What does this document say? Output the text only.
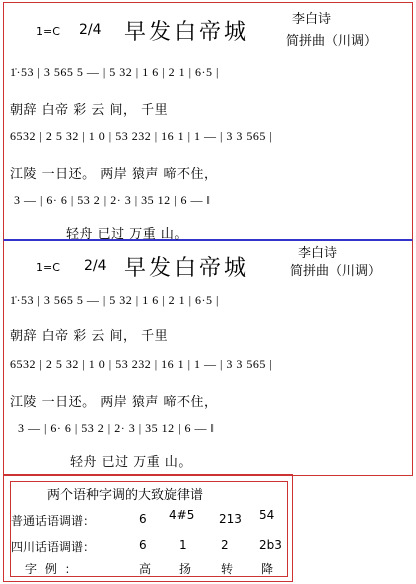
1=C 2/4 早发白帝城
李白诗
简拼曲（川调）
1̇·53 | 3 565 5 — | 5 32 | 1 6 | 2 1 | 6·5 |
朝辞 白帝 彩 云 间， 千里
6532 | 2 5 32 | 1 0 | 53 232 | 16 1 | 1 — | 3 3 565 |
江陵 一日还。 两岸 猿声 啼不住，
3 — | 6· 6 | 53 2 | 2· 3 | 35 12 | 6 — ‖
轻舟 已过 万重 山。
1=C 2/4 早发白帝城
李白诗
简拼曲（川调）
1̇·53 | 3 565 5 — | 5 32 | 1 6 | 2 1 | 6·5 |
朝辞 白帝 彩 云 间， 千里
6532 | 2 5 32 | 1 0 | 53 232 | 16 1 | 1 — | 3 3 565 |
江陵 一日还。 两岸 猿声 啼不住，
3 — | 6· 6 | 53 2 | 2· 3 | 35 12 | 6 — ‖
轻舟 已过 万重 山。
两个语种字调的大致旋律谱
普通话语调谱：	6 4#5 213 54
四川话语调谱：	6	1	2	2b3
字 例 ：	高 扬 转 降
